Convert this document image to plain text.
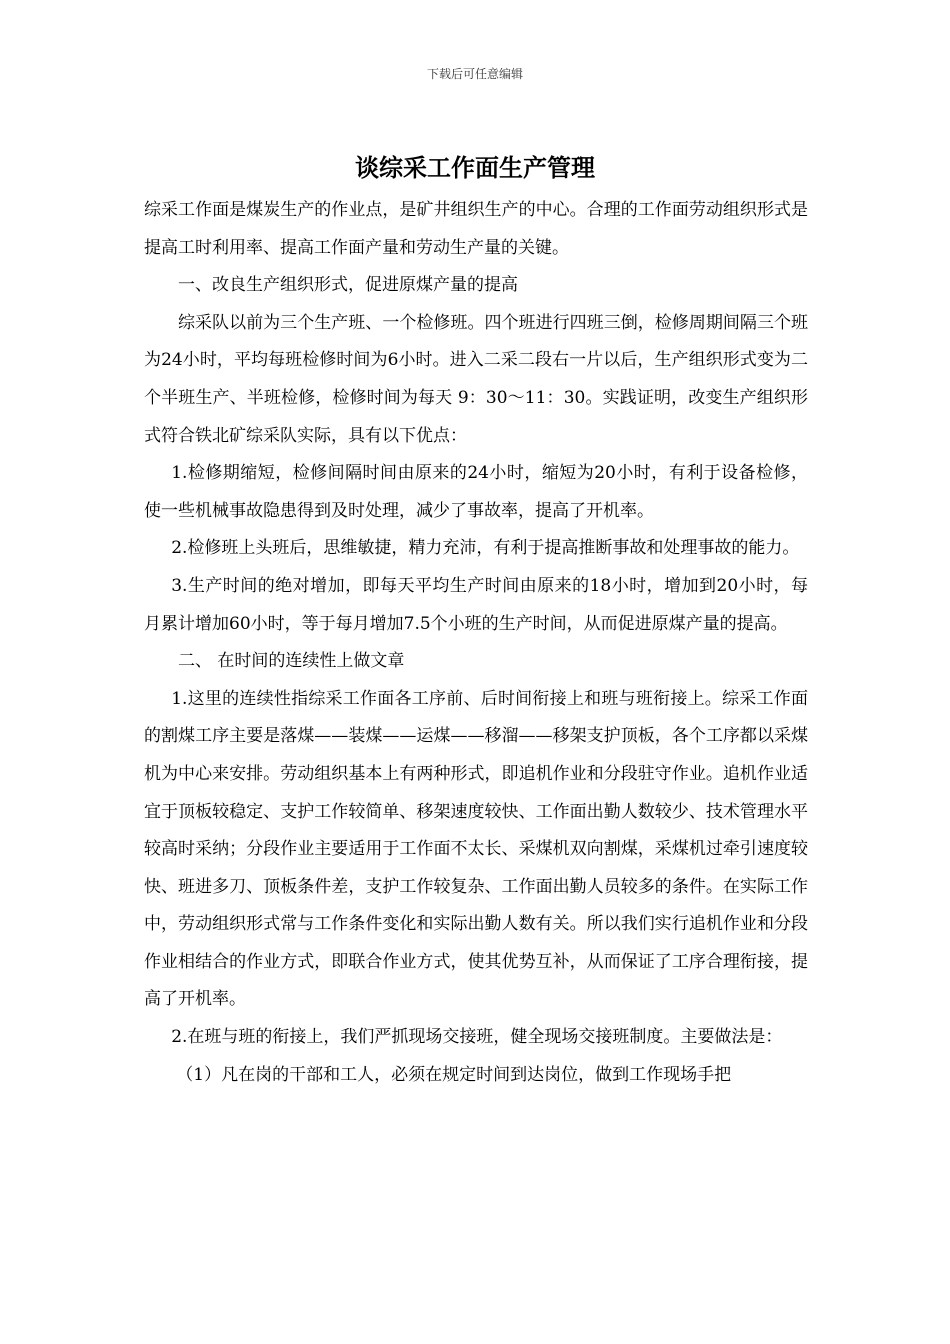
下载后可任意编辑
谈综采工作面生产管理

综采工作面是煤炭生产的作业点，是矿井组织生产的中心。合理的工作面劳动组织形式是提高工时利用率、提高工作面产量和劳动生产量的关键。

一、改良生产组织形式，促进原煤产量的提高

综采队以前为三个生产班、一个检修班。四个班进行四班三倒，检修周期间隔三个班为24小时，平均每班检修时间为6小时。进入二采二段右一片以后，生产组织形式变为二个半班生产、半班检修，检修时间为每天 9：30～11：30。实践证明，改变生产组织形式符合铁北矿综采队实际，具有以下优点：

1.检修期缩短，检修间隔时间由原来的24小时，缩短为20小时，有利于设备检修，使一些机械事故隐患得到及时处理，减少了事故率，提高了开机率。

2.检修班上头班后，思维敏捷，精力充沛，有利于提高推断事故和处理事故的能力。

3.生产时间的绝对增加，即每天平均生产时间由原来的18小时，增加到20小时，每月累计增加60小时，等于每月增加7.5个小班的生产时间，从而促进原煤产量的提高。

二、 在时间的连续性上做文章

1.这里的连续性指综采工作面各工序前、后时间衔接上和班与班衔接上。综采工作面的割煤工序主要是落煤——装煤——运煤——移溜——移架支护顶板，各个工序都以采煤机为中心来安排。劳动组织基本上有两种形式，即追机作业和分段驻守作业。追机作业适宜于顶板较稳定、支护工作较简单、移架速度较快、工作面出勤人数较少、技术管理水平较高时采纳；分段作业主要适用于工作面不太长、采煤机双向割煤，采煤机过牵引速度较快、班进多刀、顶板条件差，支护工作较复杂、工作面出勤人员较多的条件。在实际工作中，劳动组织形式常与工作条件变化和实际出勤人数有关。所以我们实行追机作业和分段作业相结合的作业方式，即联合作业方式，使其优势互补，从而保证了工序合理衔接，提高了开机率。

2.在班与班的衔接上，我们严抓现场交接班，健全现场交接班制度。主要做法是：

（1）凡在岗的干部和工人，必须在规定时间到达岗位，做到工作现场手把
